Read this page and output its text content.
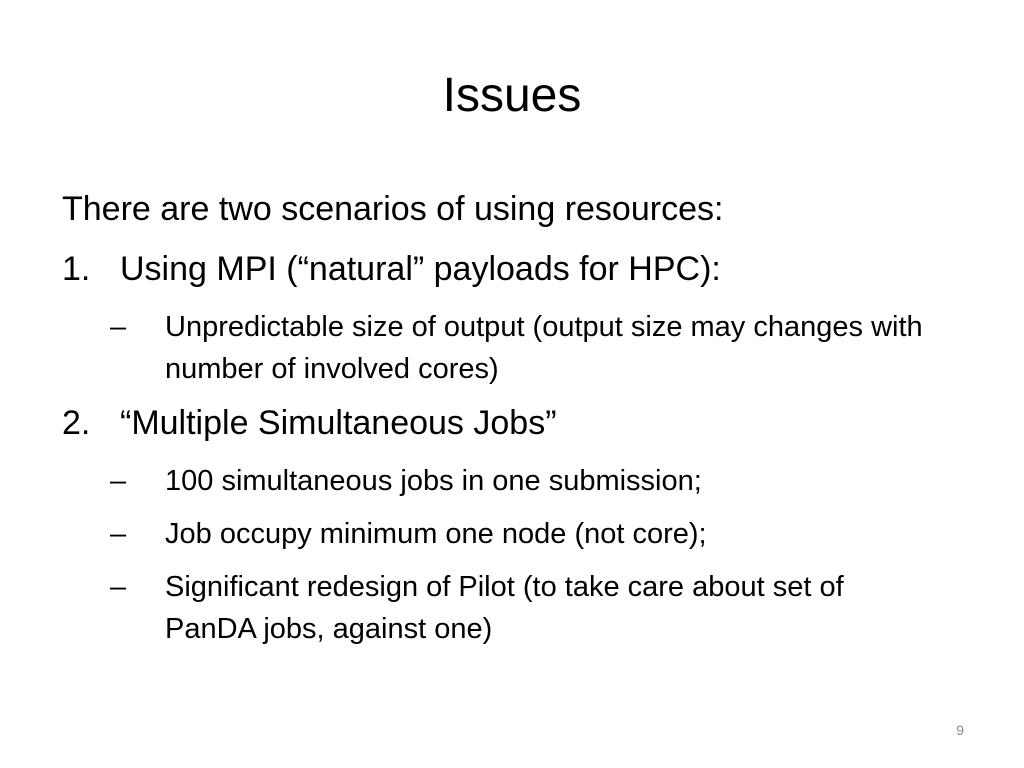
Issues
There are two scenarios of using resources:
1. Using MPI (“natural” payloads for HPC):
–	Unpredictable size of output (output size may changes with number of involved cores)
2. “Multiple Simultaneous Jobs”
–	100 simultaneous jobs in one submission;
–	Job occupy minimum one node (not core);
–	Significant redesign of Pilot (to take care about set of PanDA jobs, against one)
9
